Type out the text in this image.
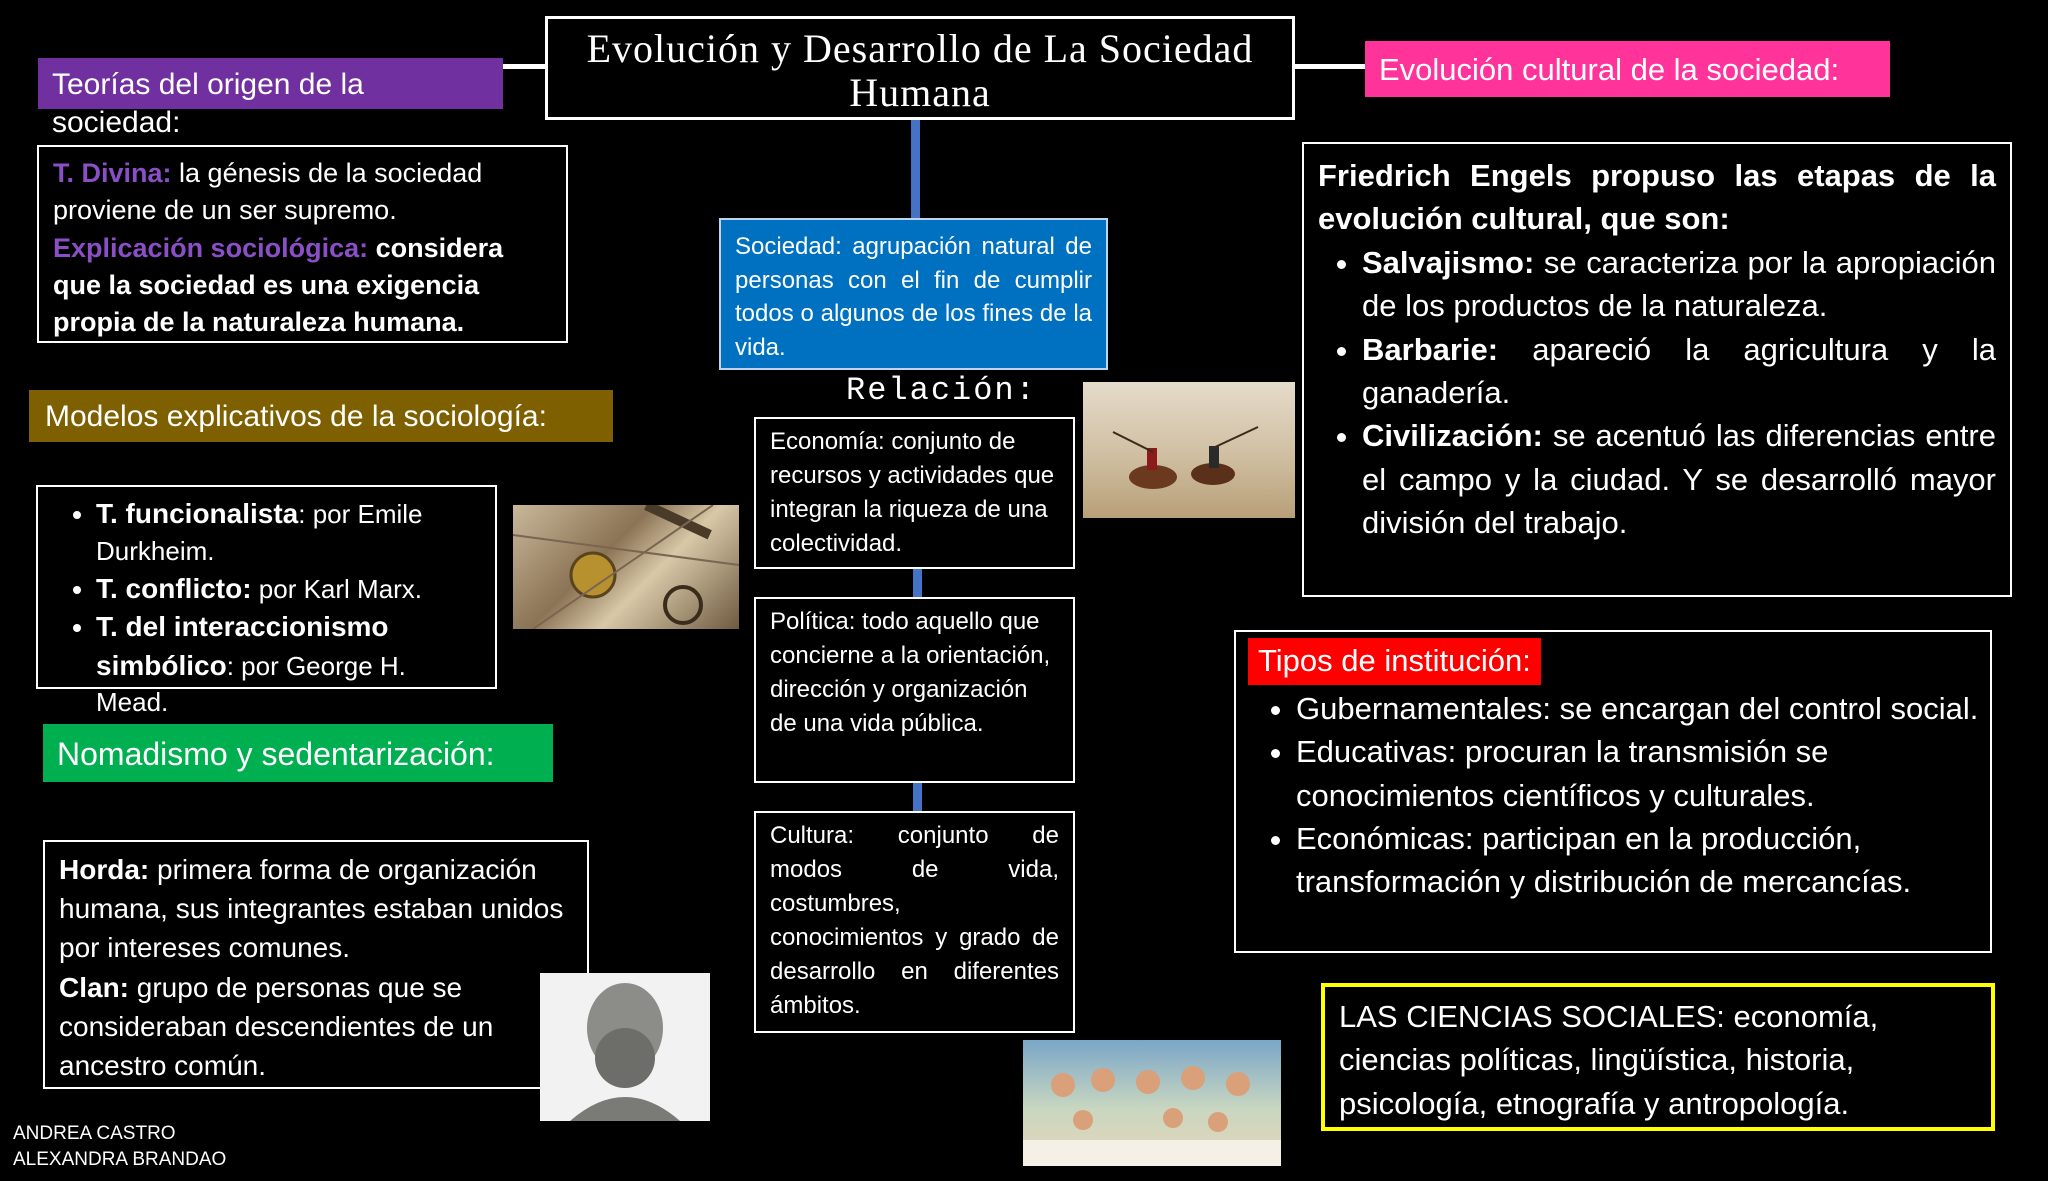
Evolución y Desarrollo de La Sociedad Humana
Teorías del origen de la sociedad:
T. Divina: la génesis de la sociedad proviene de un ser supremo.
Explicación sociológica: considera que la sociedad es una exigencia propia de la naturaleza humana.
Modelos explicativos de la sociología:
• T. funcionalista: por Emile Durkheim.
• T. conflicto: por Karl Marx.
• T. del interaccionismo simbólico: por George H. Mead.
Nomadismo y sedentarización:
Horda: primera forma de organización humana, sus integrantes estaban unidos por intereses comunes.
Clan: grupo de personas que se consideraban descendientes de un ancestro común.
ANDREA CASTRO
ALEXANDRA BRANDAO
Sociedad: agrupación natural de personas con el fin de cumplir todos o algunos de los fines de la vida.
Relación:
Economía: conjunto de recursos y actividades que integran la riqueza de una colectividad.
Política: todo aquello que concierne a la orientación, dirección y organización de una vida pública.
Cultura: conjunto de modos de vida, costumbres, conocimientos y grado de desarrollo en diferentes ámbitos.
Evolución cultural de la sociedad:
Friedrich Engels propuso las etapas de la evolución cultural, que son:
• Salvajismo: se caracteriza por la apropiación de los productos de la naturaleza.
• Barbarie: apareció la agricultura y la ganadería.
• Civilización: se acentuó las diferencias entre el campo y la ciudad. Y se desarrolló mayor división del trabajo.
Tipos de institución:
• Gubernamentales: se encargan del control social.
• Educativas: procuran la transmisión se conocimientos científicos y culturales.
• Económicas: participan en la producción, transformación y distribución de mercancías.
LAS CIENCIAS SOCIALES: economía, ciencias políticas, lingüística, historia, psicología, etnografía y antropología.
